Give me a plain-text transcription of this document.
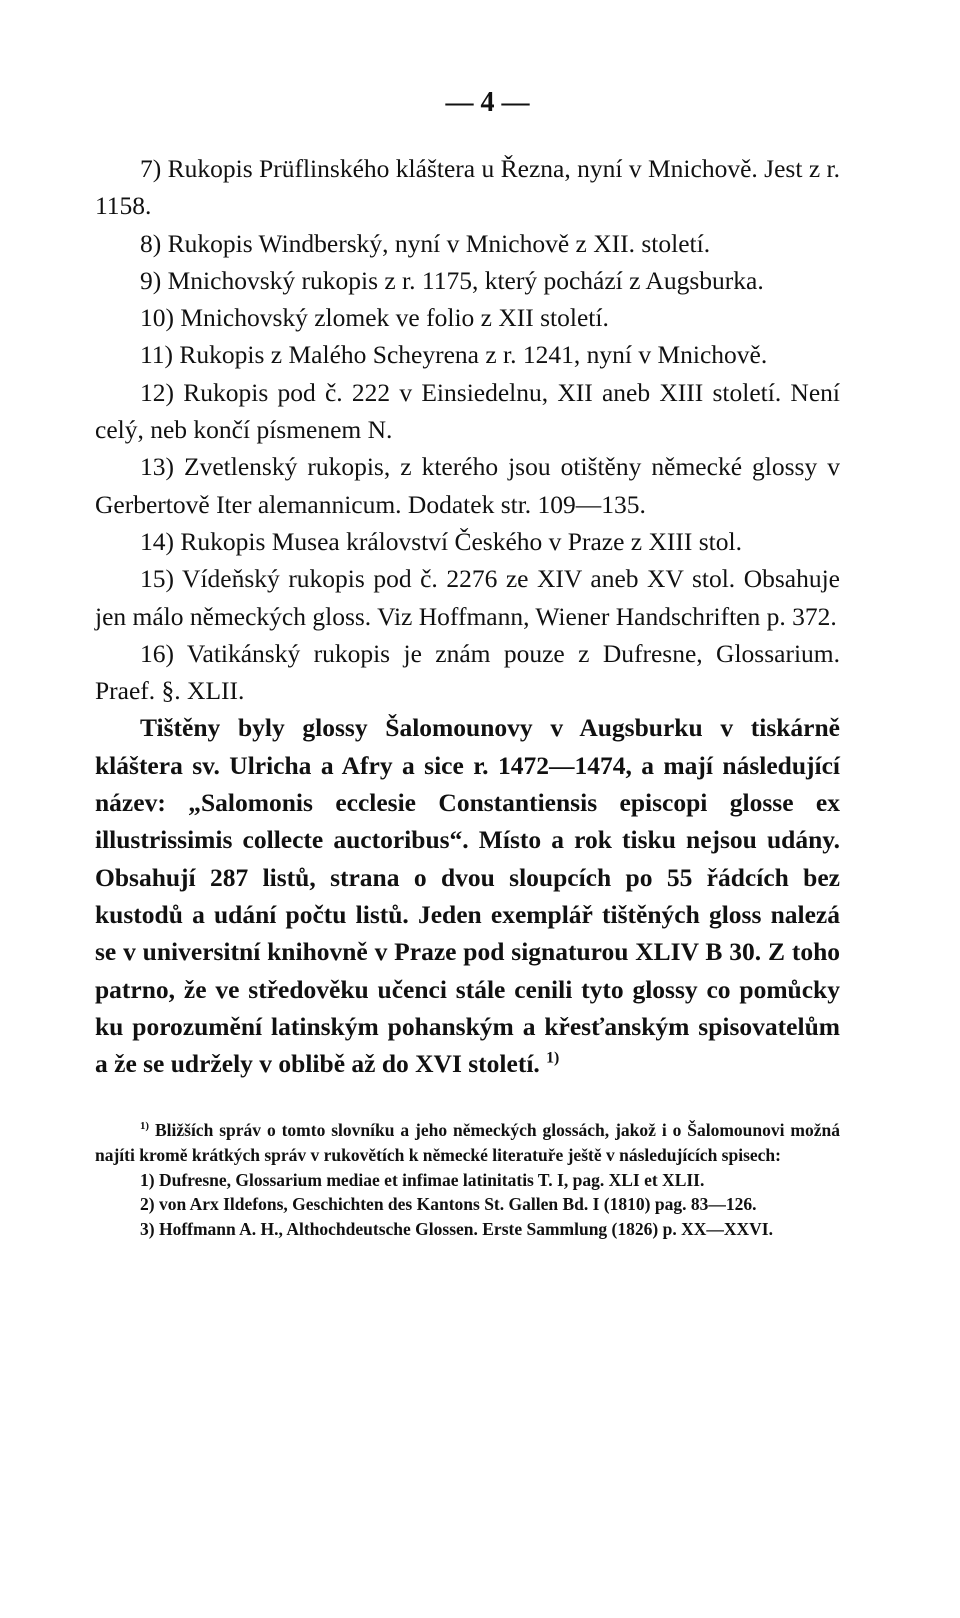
— 4 —

7) Rukopis Prüflinského kláštera u Řezna, nyní v Mnichově. Jest z r. 1158.

8) Rukopis Windberský, nyní v Mnichově z XII. století.

9) Mnichovský rukopis z r. 1175, který pochází z Augsburka.

10) Mnichovský zlomek ve folio z XII století.

11) Rukopis z Malého Scheyrena z r. 1241, nyní v Mnichově.

12) Rukopis pod č. 222 v Einsiedelnu, XII aneb XIII století. Není celý, neb končí písmenem N.

13) Zvetlenský rukopis, z kterého jsou otištěny německé glossy v Gerbertově Iter alemannicum. Dodatek str. 109—135.

14) Rukopis Musea království Českého v Praze z XIII stol.

15) Vídeňský rukopis pod č. 2276 ze XIV aneb XV stol. Obsahuje jen málo německých gloss. Viz Hoffmann, Wiener Handschriften p. 372.

16) Vatikánský rukopis je znám pouze z Dufresne, Glossarium. Praef. §. XLII.

Tištěny byly glossy Šalomounovy v Augsburku v tiskárně kláštera sv. Ulricha a Afry a sice r. 1472—1474, a mají následující název: „Salomonis ecclesie Constantiensis episcopi glosse ex illustrissimis collecte auctoribus“. Místo a rok tisku nejsou udány. Obsahují 287 listů, strana o dvou sloupcích po 55 řádcích bez kustodů a udání počtu listů. Jeden exemplář tištěných gloss nalezá se v universitní knihovně v Praze pod signaturou XLIV B 30. Z toho patrno, že ve středověku učenci stále cenili tyto glossy co pomůcky ku porozumění latinským pohanským a křesťanským spisovatelům a že se udržely v oblibě až do XVI století. $^{1)}$

$^{1)}$ Bližších správ o tomto slovníku a jeho německých glossách, jakož i o Šalomounovi možná najíti kromě krátkých správ v rukovětích k německé literatuře ještě v následujících spisech:

1) Dufresne, Glossarium mediae et infimae latinitatis T. I, pag. XLI et XLII.

2) von Arx Ildefons, Geschichten des Kantons St. Gallen Bd. I (1810) pag. 83—126.

3) Hoffmann A. H., Althochdeutsche Glossen. Erste Sammlung (1826) p. XX—XXVI.
